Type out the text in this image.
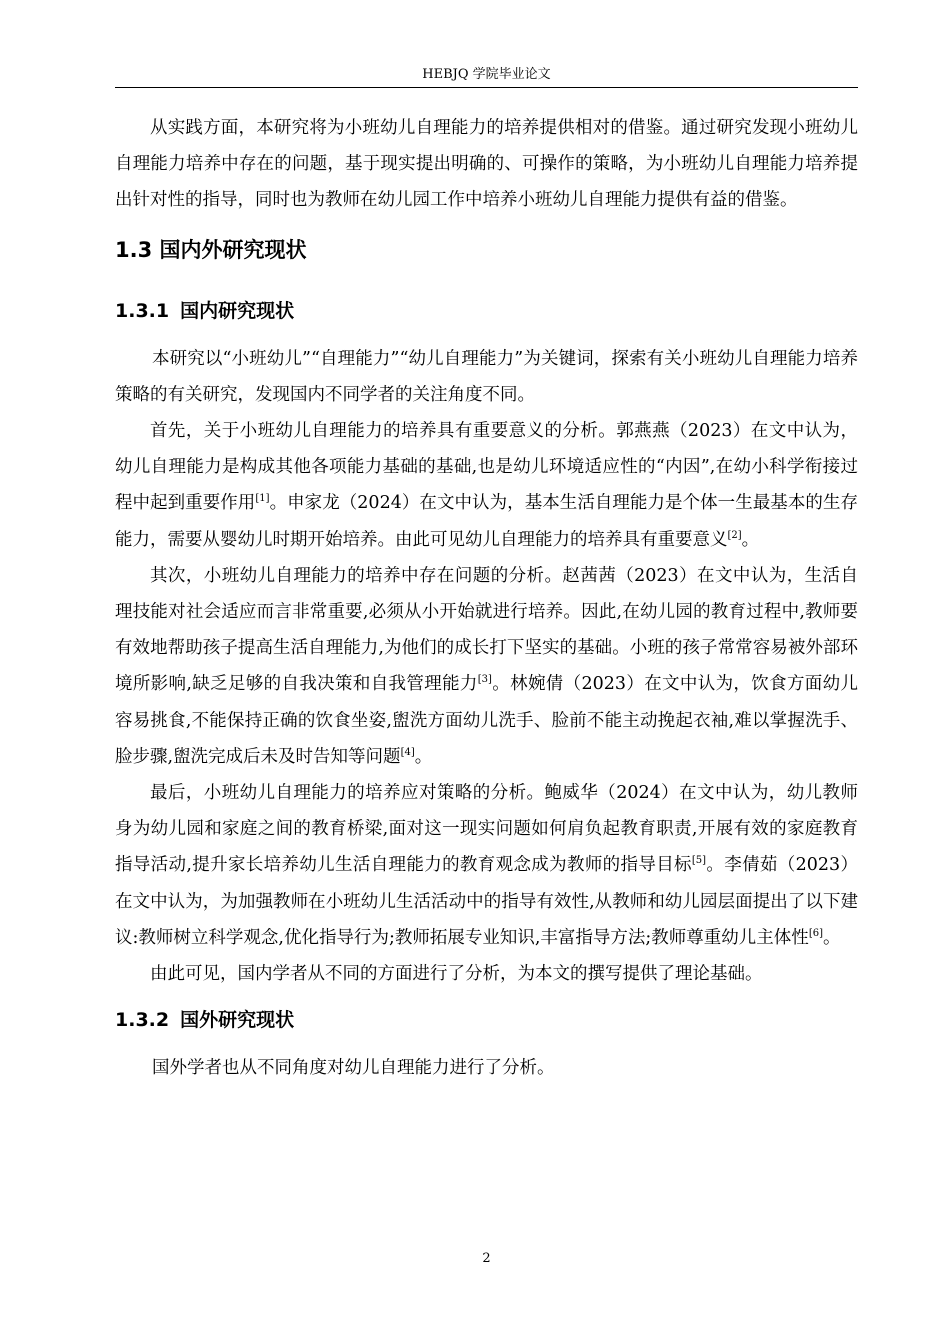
HEBJQ 学院毕业论文

从实践方面，本研究将为小班幼儿自理能力的培养提供相对的借鉴。通过研究发现小班幼儿自理能力培养中存在的问题，基于现实提出明确的、可操作的策略，为小班幼儿自理能力培养提出针对性的指导，同时也为教师在幼儿园工作中培养小班幼儿自理能力提供有益的借鉴。

1.3 国内外研究现状
1.3.1 国内研究现状

本研究以“小班幼儿”“自理能力”“幼儿自理能力”为关键词，探索有关小班幼儿自理能力培养策略的有关研究，发现国内不同学者的关注角度不同。

首先，关于小班幼儿自理能力的培养具有重要意义的分析。郭燕燕（2023）在文中认为，幼儿自理能力是构成其他各项能力基础的基础,也是幼儿环境适应性的“内因”,在幼小科学衔接过程中起到重要作用[1]。申家龙（2024）在文中认为，基本生活自理能力是个体一生最基本的生存能力，需要从婴幼儿时期开始培养。由此可见幼儿自理能力的培养具有重要意义[2]。

其次，小班幼儿自理能力的培养中存在问题的分析。赵茜茜（2023）在文中认为，生活自理技能对社会适应而言非常重要,必须从小开始就进行培养。因此,在幼儿园的教育过程中,教师要有效地帮助孩子提高生活自理能力,为他们的成长打下坚实的基础。小班的孩子常常容易被外部环境所影响,缺乏足够的自我决策和自我管理能力[3]。林婉倩（2023）在文中认为，饮食方面幼儿容易挑食,不能保持正确的饮食坐姿,盥洗方面幼儿洗手、脸前不能主动挽起衣袖,难以掌握洗手、脸步骤,盥洗完成后未及时告知等问题[4]。

最后，小班幼儿自理能力的培养应对策略的分析。鲍威华（2024）在文中认为，幼儿教师身为幼儿园和家庭之间的教育桥梁,面对这一现实问题如何肩负起教育职责,开展有效的家庭教育指导活动,提升家长培养幼儿生活自理能力的教育观念成为教师的指导目标[5]。李倩茹（2023）在文中认为，为加强教师在小班幼儿生活活动中的指导有效性,从教师和幼儿园层面提出了以下建议:教师树立科学观念,优化指导行为;教师拓展专业知识,丰富指导方法;教师尊重幼儿主体性[6]。

由此可见，国内学者从不同的方面进行了分析，为本文的撰写提供了理论基础。

1.3.2 国外研究现状

国外学者也从不同角度对幼儿自理能力进行了分析。

2
